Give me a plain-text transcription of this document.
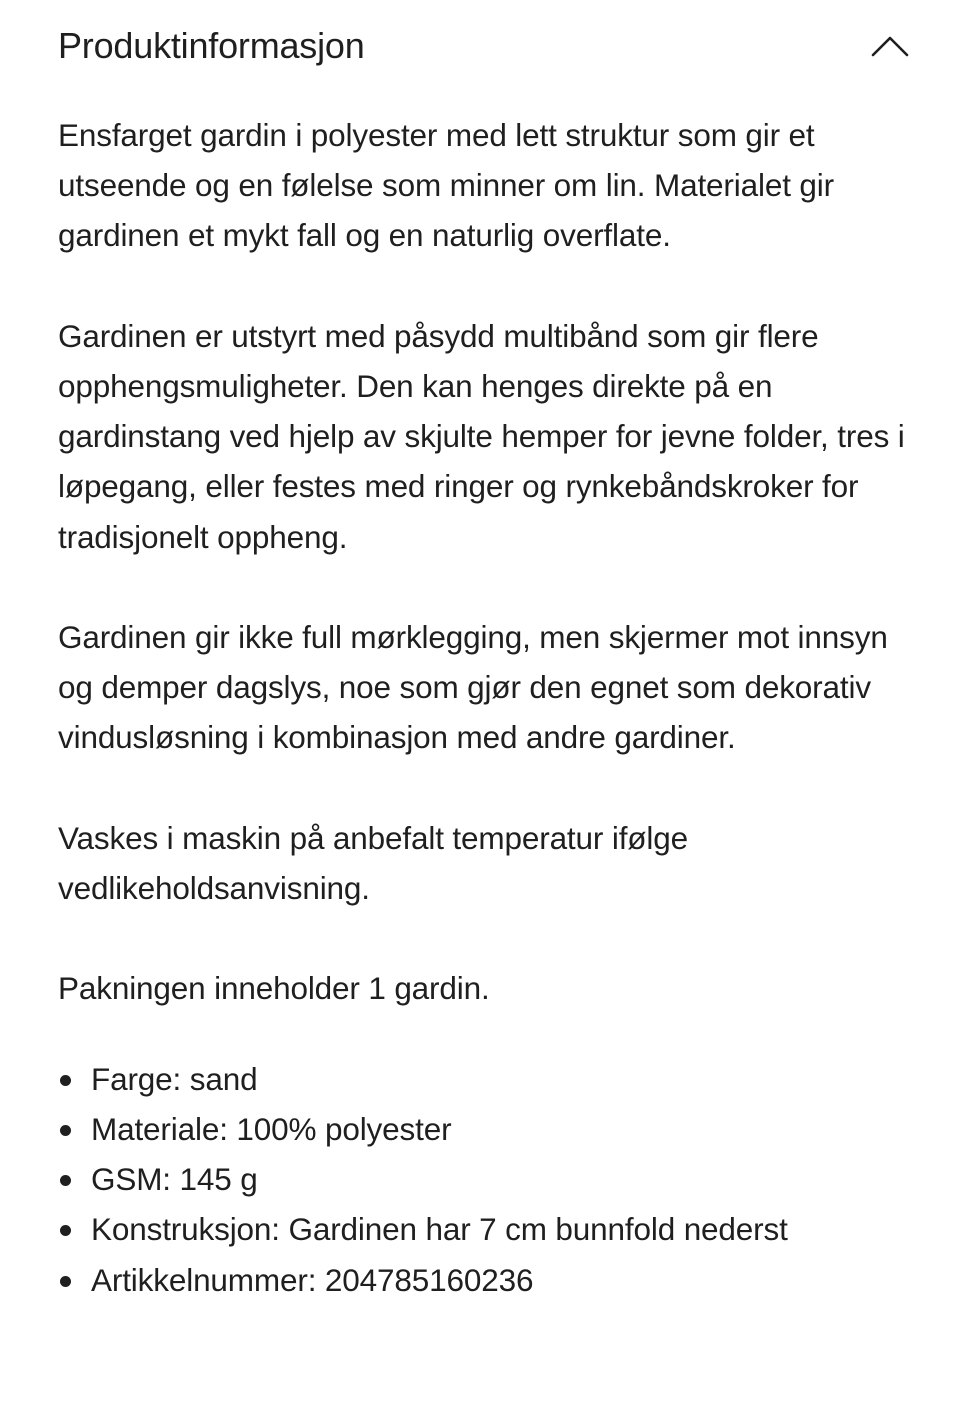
Produktinformasjon

Ensfarget gardin i polyester med lett struktur som gir et utseende og en følelse som minner om lin. Materialet gir gardinen et mykt fall og en naturlig overflate.

Gardinen er utstyrt med påsydd multibånd som gir flere opphengsmuligheter. Den kan henges direkte på en gardinstang ved hjelp av skjulte hemper for jevne folder, tres i løpegang, eller festes med ringer og rynkebåndskroker for tradisjonelt oppheng.

Gardinen gir ikke full mørklegging, men skjermer mot innsyn og demper dagslys, noe som gjør den egnet som dekorativ vindusløsning i kombinasjon med andre gardiner.

Vaskes i maskin på anbefalt temperatur ifølge vedlikeholdsanvisning.

Pakningen inneholder 1 gardin.

Farge: sand
Materiale: 100% polyester
GSM: 145 g
Konstruksjon: Gardinen har 7 cm bunnfold nederst
Artikkelnummer: 204785160236
